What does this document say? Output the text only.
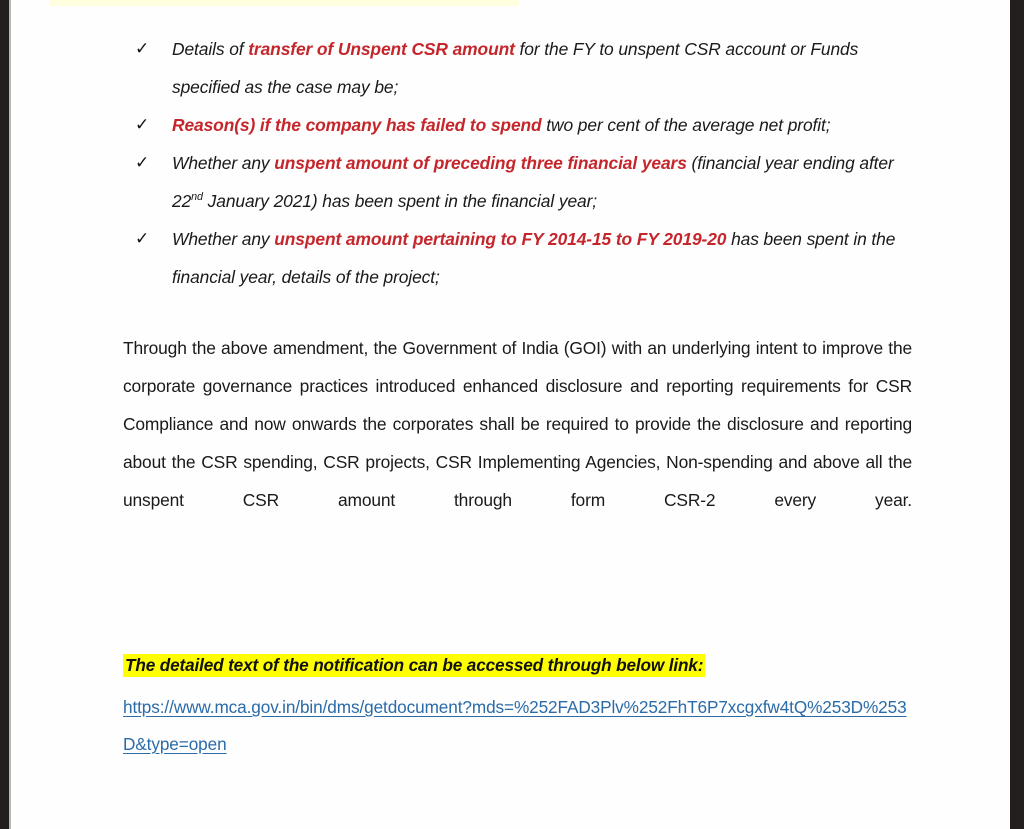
✓ Details of transfer of Unspent CSR amount for the FY to unspent CSR account or Funds specified as the case may be;
✓ Reason(s) if the company has failed to spend two per cent of the average net profit;
✓ Whether any unspent amount of preceding three financial years (financial year ending after 22nd January 2021) has been spent in the financial year;
✓ Whether any unspent amount pertaining to FY 2014-15 to FY 2019-20 has been spent in the financial year, details of the project;

Through the above amendment, the Government of India (GOI) with an underlying intent to improve the corporate governance practices introduced enhanced disclosure and reporting requirements for CSR Compliance and now onwards the corporates shall be required to provide the disclosure and reporting about the CSR spending, CSR projects, CSR Implementing Agencies, Non-spending and above all the unspent CSR amount through form CSR-2 every year.

The detailed text of the notification can be accessed through below link:

https://www.mca.gov.in/bin/dms/getdocument?mds=%252FAD3Plv%252FhT6P7xcgxfw4tQ%253D%253D&type=open
